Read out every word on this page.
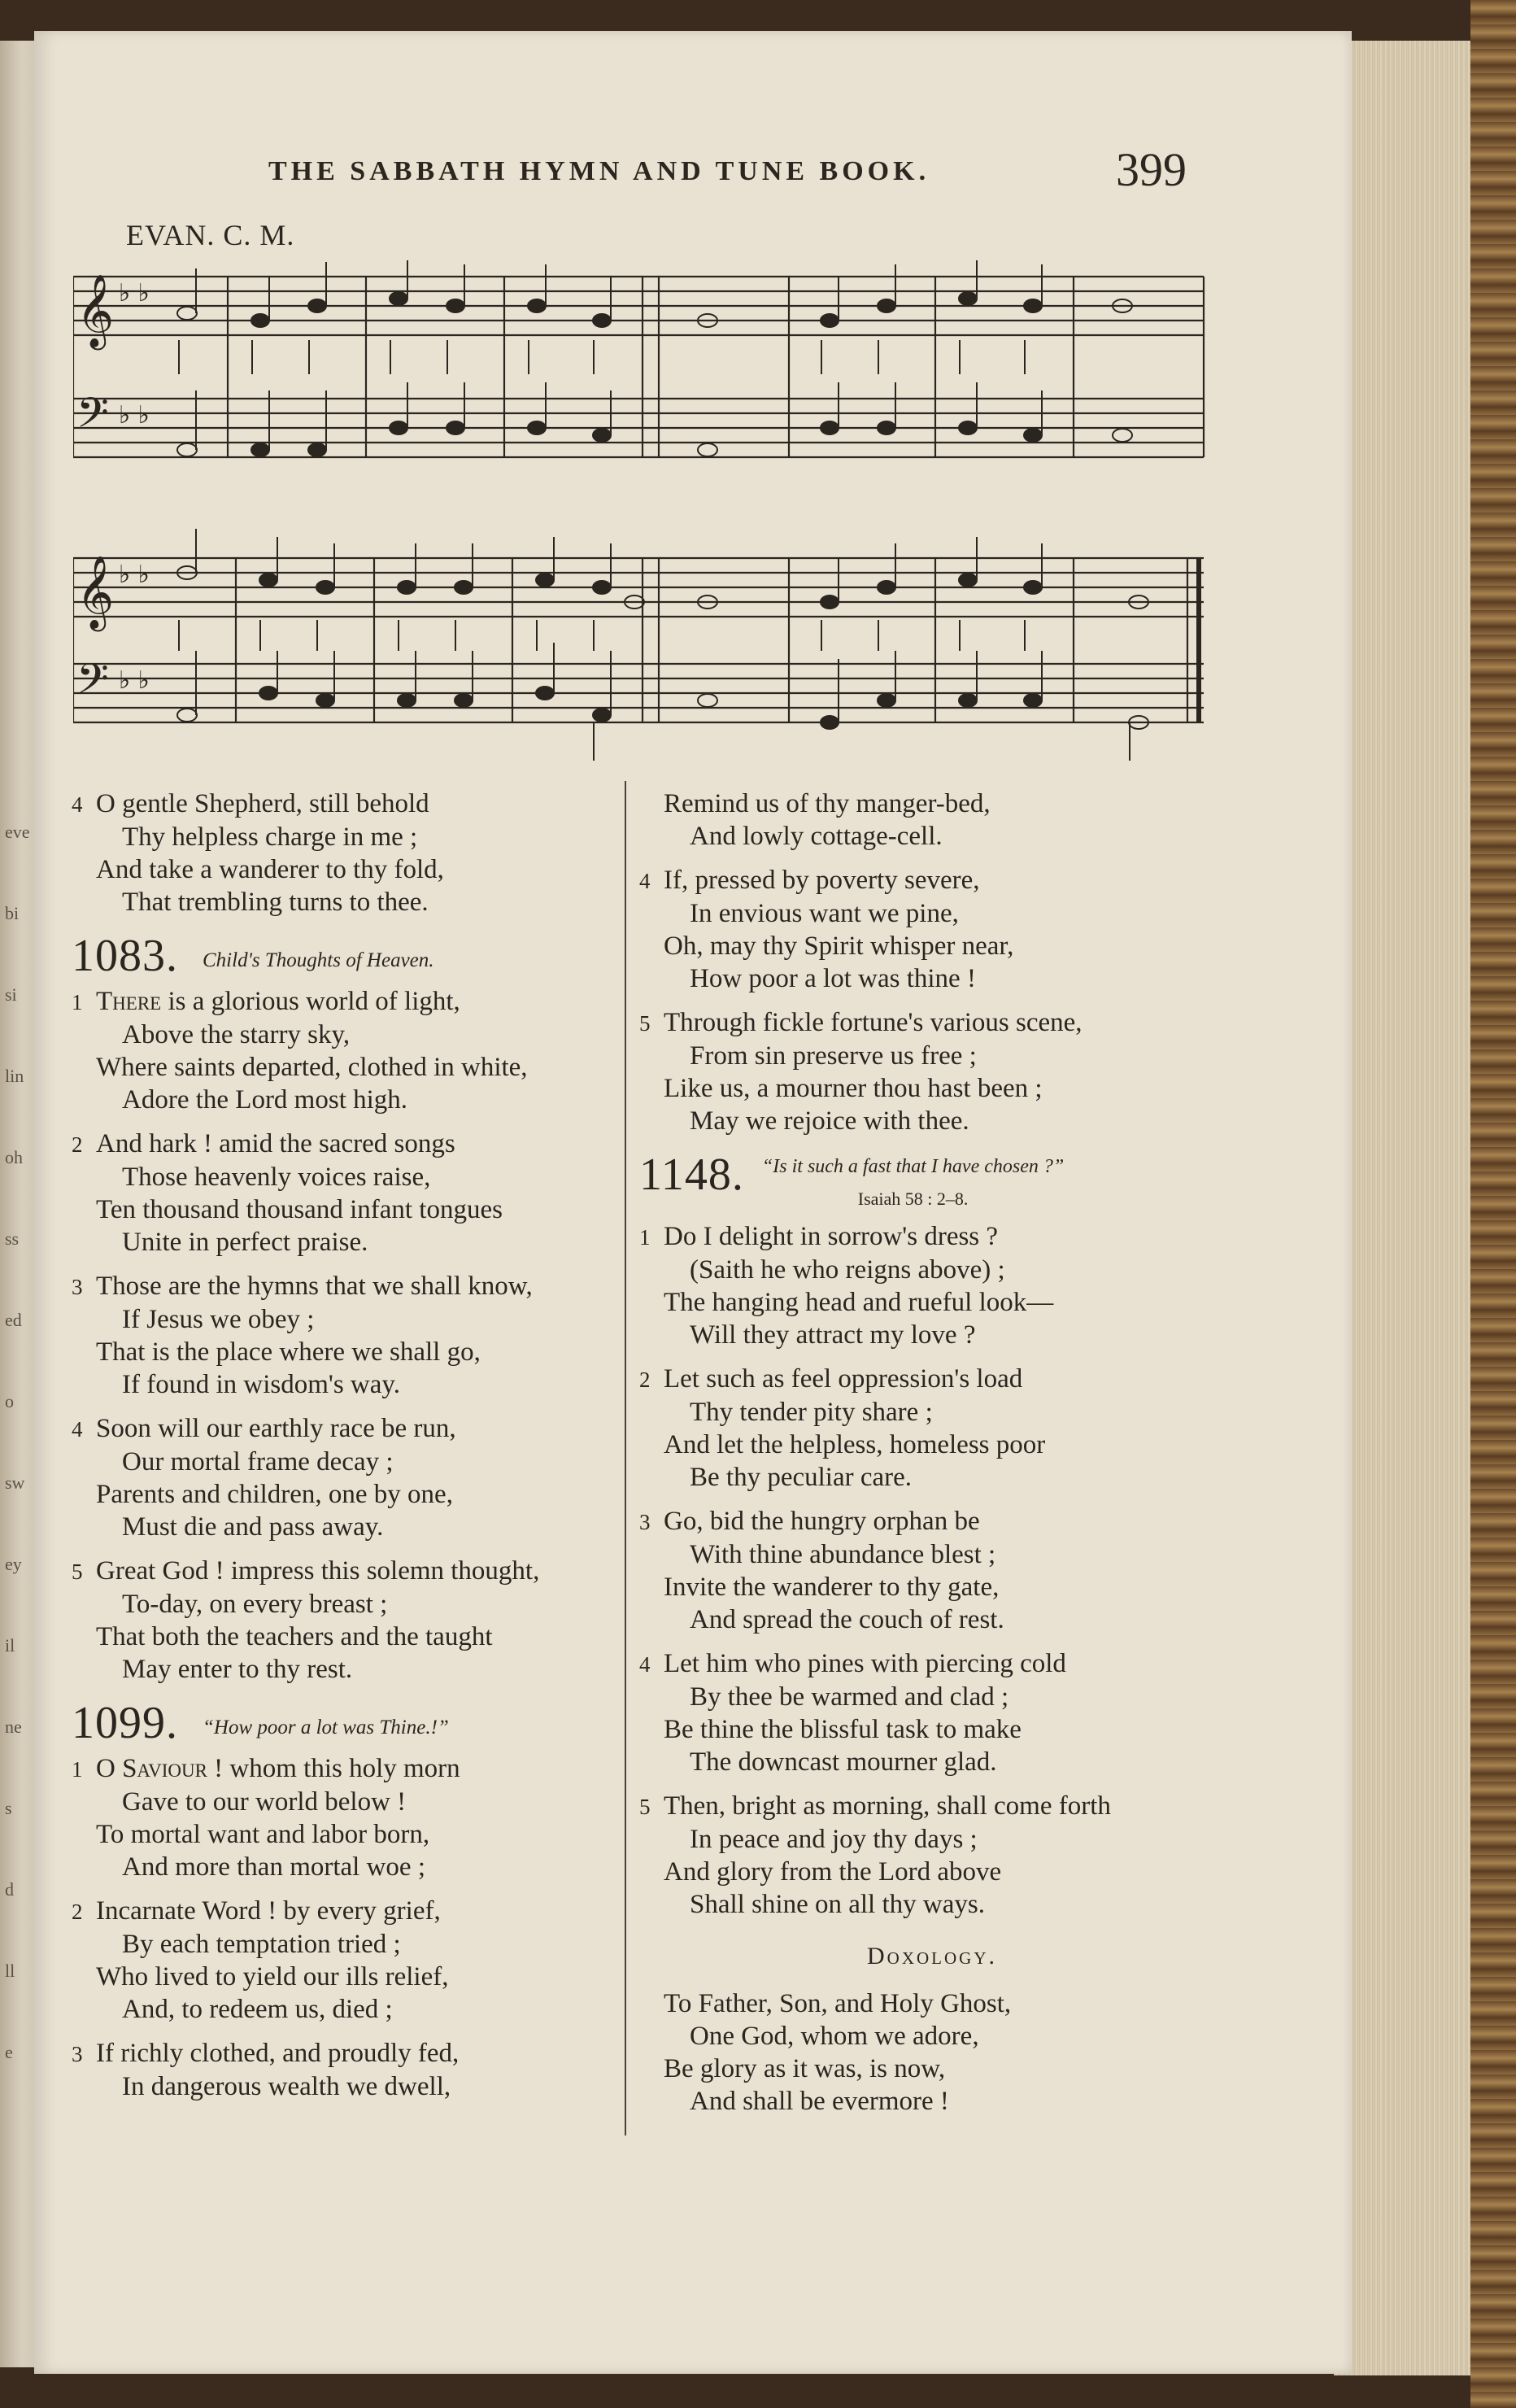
eve
bi
si
lin
oh
ss
ed
o
sw
ey
il
ne
s
d
ll
e
THE SABBATH HYMN AND TUNE BOOK.	399
EVAN. C. M.
𝄞
𝄢
♭ ♭
♭ ♭
𝄞
𝄢
♭ ♭
♭ ♭
4 O gentle Shepherd, still behold
Thy helpless charge in me ;
And take a wanderer to thy fold,
That trembling turns to thee.
1083. Child's Thoughts of Heaven.
1 There is a glorious world of light,
Above the starry sky,
Where saints departed, clothed in white,
Adore the Lord most high.
2 And hark ! amid the sacred songs
Those heavenly voices raise,
Ten thousand thousand infant tongues
Unite in perfect praise.
3 Those are the hymns that we shall know,
If Jesus we obey ;
That is the place where we shall go,
If found in wisdom's way.
4 Soon will our earthly race be run,
Our mortal frame decay ;
Parents and children, one by one,
Must die and pass away.
5 Great God ! impress this solemn thought,
To-day, on every breast ;
That both the teachers and the taught
May enter to thy rest.
1099. “How poor a lot was Thine.!”
1 O Saviour ! whom this holy morn
Gave to our world below !
To mortal want and labor born,
And more than mortal woe ;
2 Incarnate Word ! by every grief,
By each temptation tried ;
Who lived to yield our ills relief,
And, to redeem us, died ;
3 If richly clothed, and proudly fed,
In dangerous wealth we dwell,
Remind us of thy manger-bed,
And lowly cottage-cell.
4 If, pressed by poverty severe,
In envious want we pine,
Oh, may thy Spirit whisper near,
How poor a lot was thine !
5 Through fickle fortune's various scene,
From sin preserve us free ;
Like us, a mourner thou hast been ;
May we rejoice with thee.
1148. “Is it such a fast that I have chosen ?”
Isaiah 58 : 2–8.
1 Do I delight in sorrow's dress ?
(Saith he who reigns above) ;
The hanging head and rueful look—
Will they attract my love ?
2 Let such as feel oppression's load
Thy tender pity share ;
And let the helpless, homeless poor
Be thy peculiar care.
3 Go, bid the hungry orphan be
With thine abundance blest ;
Invite the wanderer to thy gate,
And spread the couch of rest.
4 Let him who pines with piercing cold
By thee be warmed and clad ;
Be thine the blissful task to make
The downcast mourner glad.
5 Then, bright as morning, shall come forth
In peace and joy thy days ;
And glory from the Lord above
Shall shine on all thy ways.
Doxology.
To Father, Son, and Holy Ghost,
One God, whom we adore,
Be glory as it was, is now,
And shall be evermore !
